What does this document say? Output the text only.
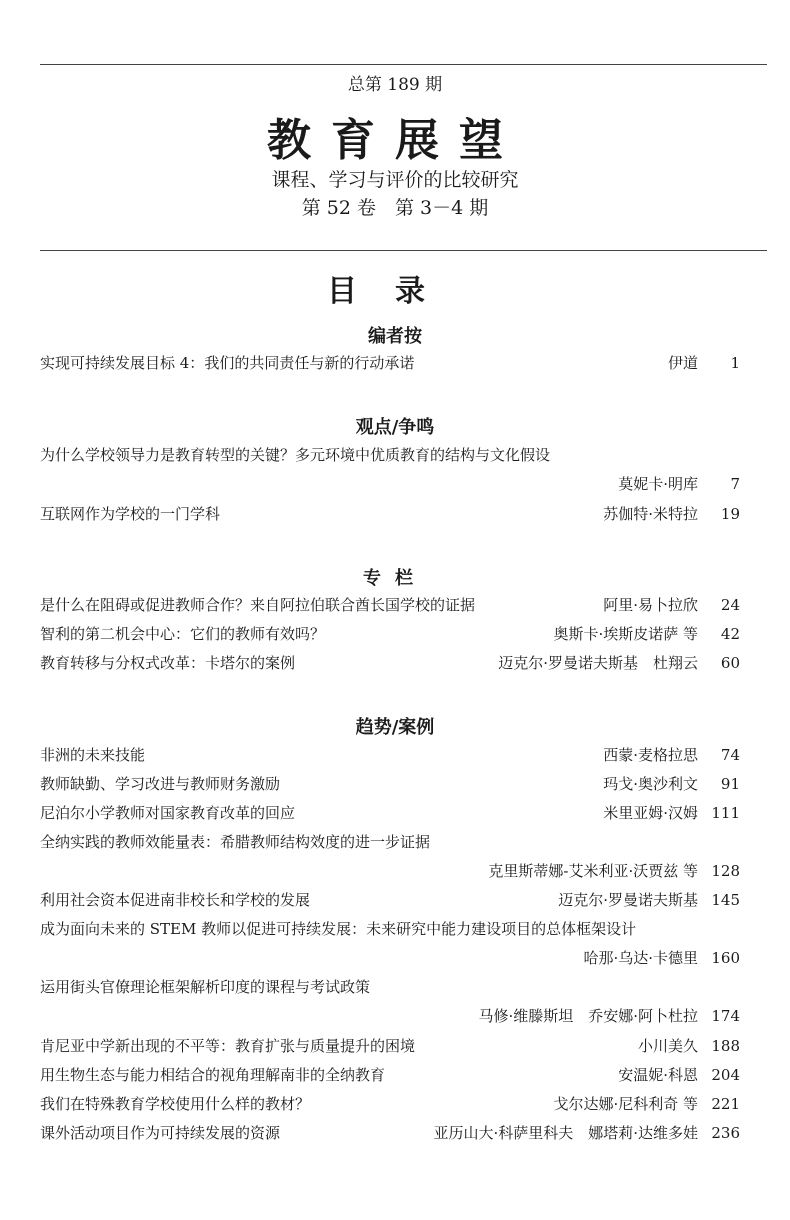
总第 189 期
教育展望
课程、学习与评价的比较研究
第 52 卷　第 3－4 期
目录
编者按
实现可持续发展目标 4：我们的共同责任与新的行动承诺	伊道	1
观点/争鸣
为什么学校领导力是教育转型的关键？多元环境中优质教育的结构与文化假设
莫妮卡·明库	7
互联网作为学校的一门学科	苏伽特·米特拉	19
专栏
是什么在阻碍或促进教师合作？来自阿拉伯联合酋长国学校的证据	阿里·易卜拉欣	24
智利的第二机会中心：它们的教师有效吗？	奥斯卡·埃斯皮诺萨 等	42
教育转移与分权式改革：卡塔尔的案例	迈克尔·罗曼诺夫斯基　杜翔云	60
趋势/案例
非洲的未来技能	西蒙·麦格拉思	74
教师缺勤、学习改进与教师财务激励	玛戈·奥沙利文	91
尼泊尔小学教师对国家教育改革的回应	米里亚姆·汉姆 111
全纳实践的教师效能量表：希腊教师结构效度的进一步证据
克里斯蒂娜-艾米利亚·沃贾兹 等 128
利用社会资本促进南非校长和学校的发展	迈克尔·罗曼诺夫斯基 145
成为面向未来的 STEM 教师以促进可持续发展：未来研究中能力建设项目的总体框架设计
哈那·乌达·卡德里 160
运用街头官僚理论框架解析印度的课程与考试政策
马修·维滕斯坦　乔安娜·阿卜杜拉 174
肯尼亚中学新出现的不平等：教育扩张与质量提升的困境	小川美久 188
用生物生态与能力相结合的视角理解南非的全纳教育	安温妮·科恩 204
我们在特殊教育学校使用什么样的教材？	戈尔达娜·尼科利奇 等 221
课外活动项目作为可持续发展的资源	亚历山大·科萨里科夫　娜塔莉·达维多娃 236
